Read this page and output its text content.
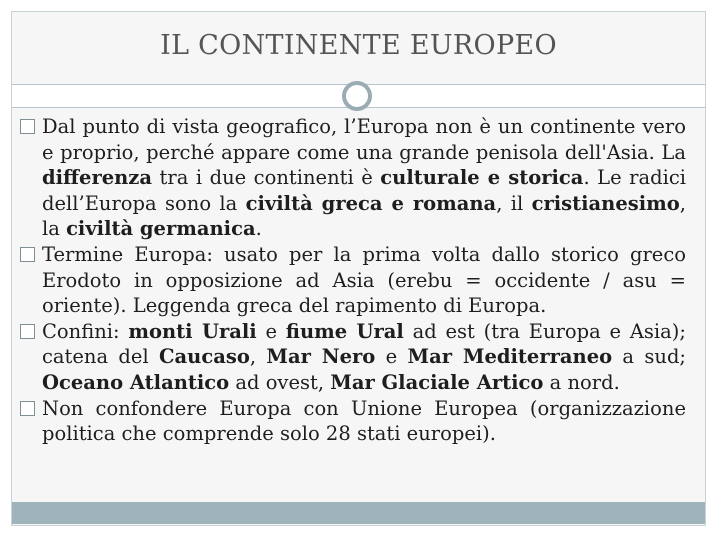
IL CONTINENTE EUROPEO

Dal punto di vista geografico, l’Europa non è un continente vero e proprio, perché appare come una grande penisola dell'Asia. La differenza tra i due continenti è culturale e storica. Le radici dell’Europa sono la civiltà greca e romana, il cristianesimo, la civiltà germanica.

Termine Europa: usato per la prima volta dallo storico greco Erodoto in opposizione ad Asia (erebu = occidente / asu = oriente). Leggenda greca del rapimento di Europa.

Confini: monti Urali e fiume Ural ad est (tra Europa e Asia); catena del Caucaso, Mar Nero e Mar Mediterraneo a sud; Oceano Atlantico ad ovest, Mar Glaciale Artico a nord.

Non confondere Europa con Unione Europea (organizzazione politica che comprende solo 28 stati europei).
